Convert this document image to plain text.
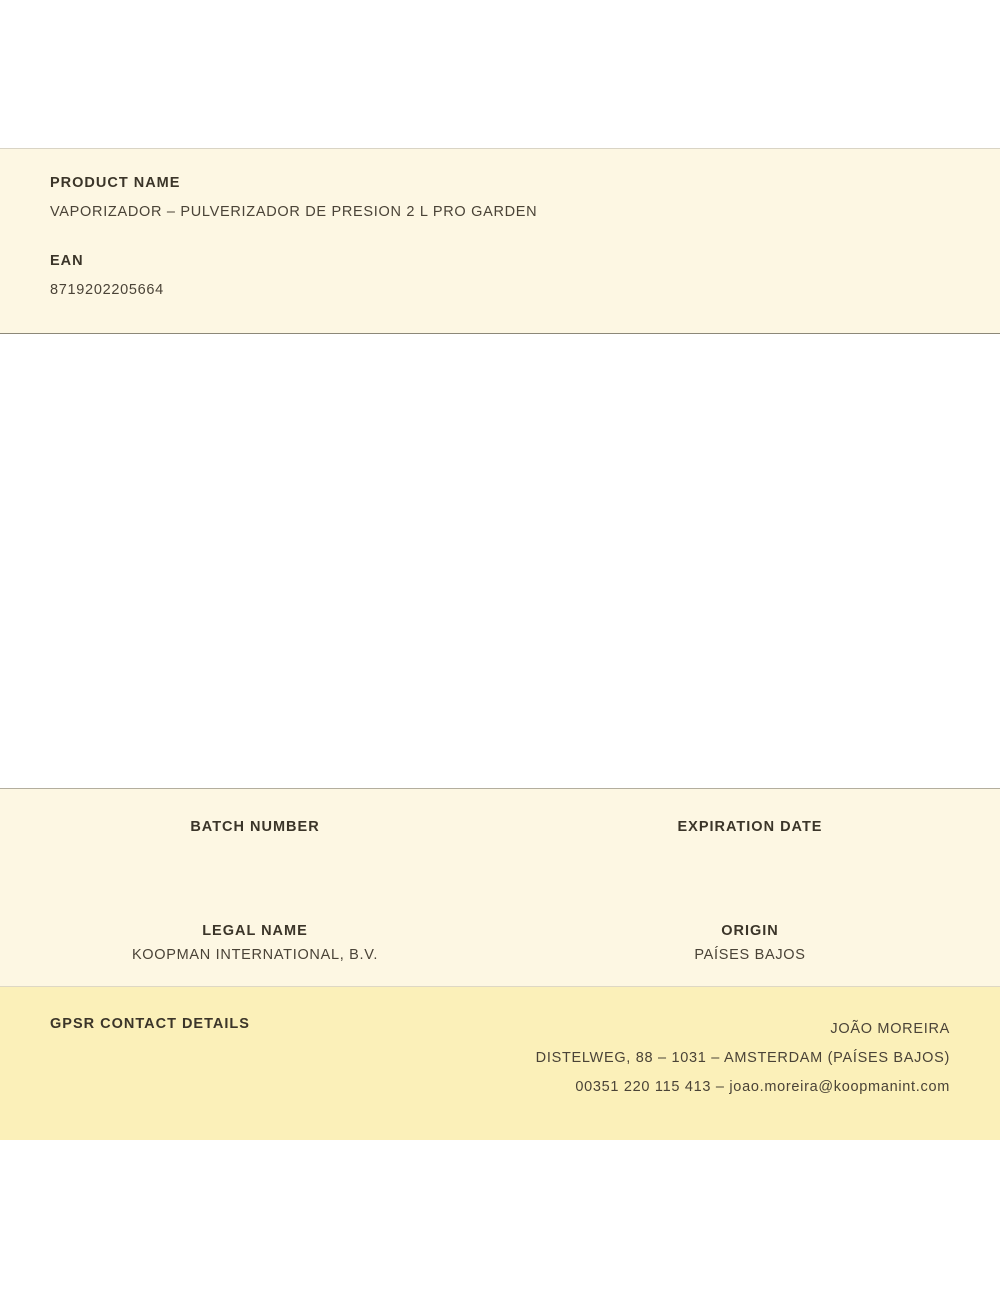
PRODUCT NAME

VAPORIZADOR – PULVERIZADOR DE PRESION 2 L PRO GARDEN

EAN

8719202205664

BATCH NUMBER	EXPIRATION DATE

LEGAL NAME

KOOPMAN INTERNATIONAL, B.V.

ORIGIN

PAÍSES BAJOS

GPSR CONTACT DETAILS	JOÃO MOREIRA
DISTELWEG, 88 – 1031 – AMSTERDAM (PAÍSES BAJOS)
00351 220 115 413 – joao.moreira@koopmanint.com
